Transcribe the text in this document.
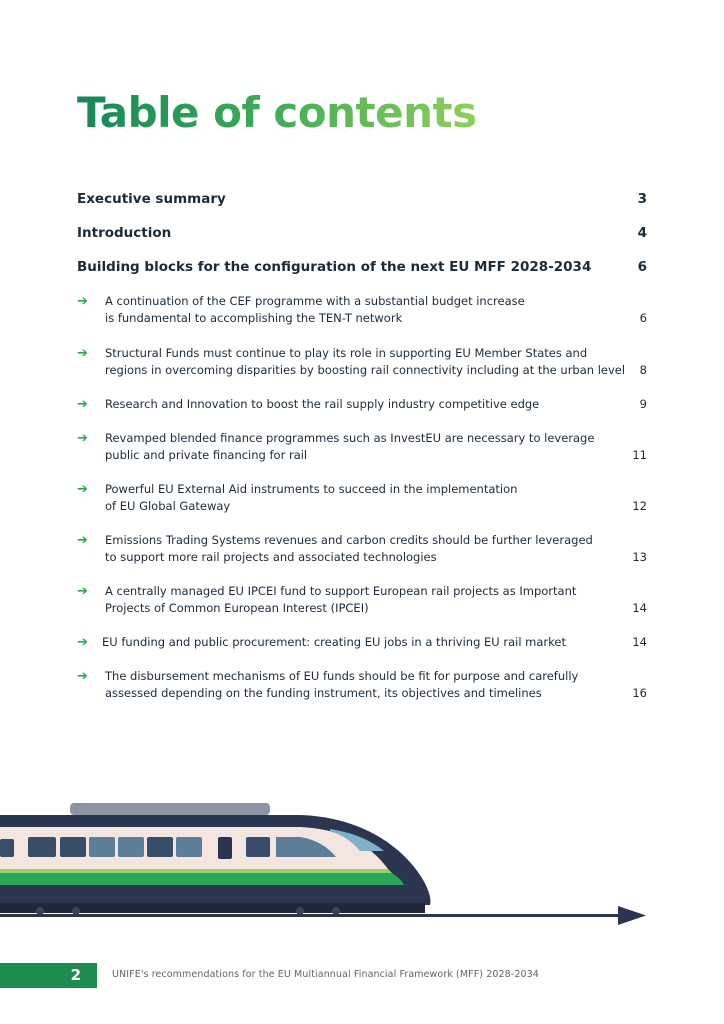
Table of contents
Executive summary	3
Introduction	4
Building blocks for the configuration of the next EU MFF 2028-2034	6
➔ A continuation of the CEF programme with a substantial budget increase
is fundamental to accomplishing the TEN-T network	6
➔ Structural Funds must continue to play its role in supporting EU Member States and
regions in overcoming disparities by boosting rail connectivity including at the urban level	8
➔ Research and Innovation to boost the rail supply industry competitive edge	9
➔ Revamped blended finance programmes such as InvestEU are necessary to leverage
public and private financing for rail	11
➔ Powerful EU External Aid instruments to succeed in the implementation
of EU Global Gateway	12
➔ Emissions Trading Systems revenues and carbon credits should be further leveraged
to support more rail projects and associated technologies	13
➔ A centrally managed EU IPCEI fund to support European rail projects as Important
Projects of Common European Interest (IPCEI)	14
➔ EU funding and public procurement: creating EU jobs in a thriving EU rail market	14
➔ The disbursement mechanisms of EU funds should be fit for purpose and carefully
assessed depending on the funding instrument, its objectives and timelines	16
2	UNIFE's recommendations for the EU Multiannual Financial Framework (MFF) 2028-2034
